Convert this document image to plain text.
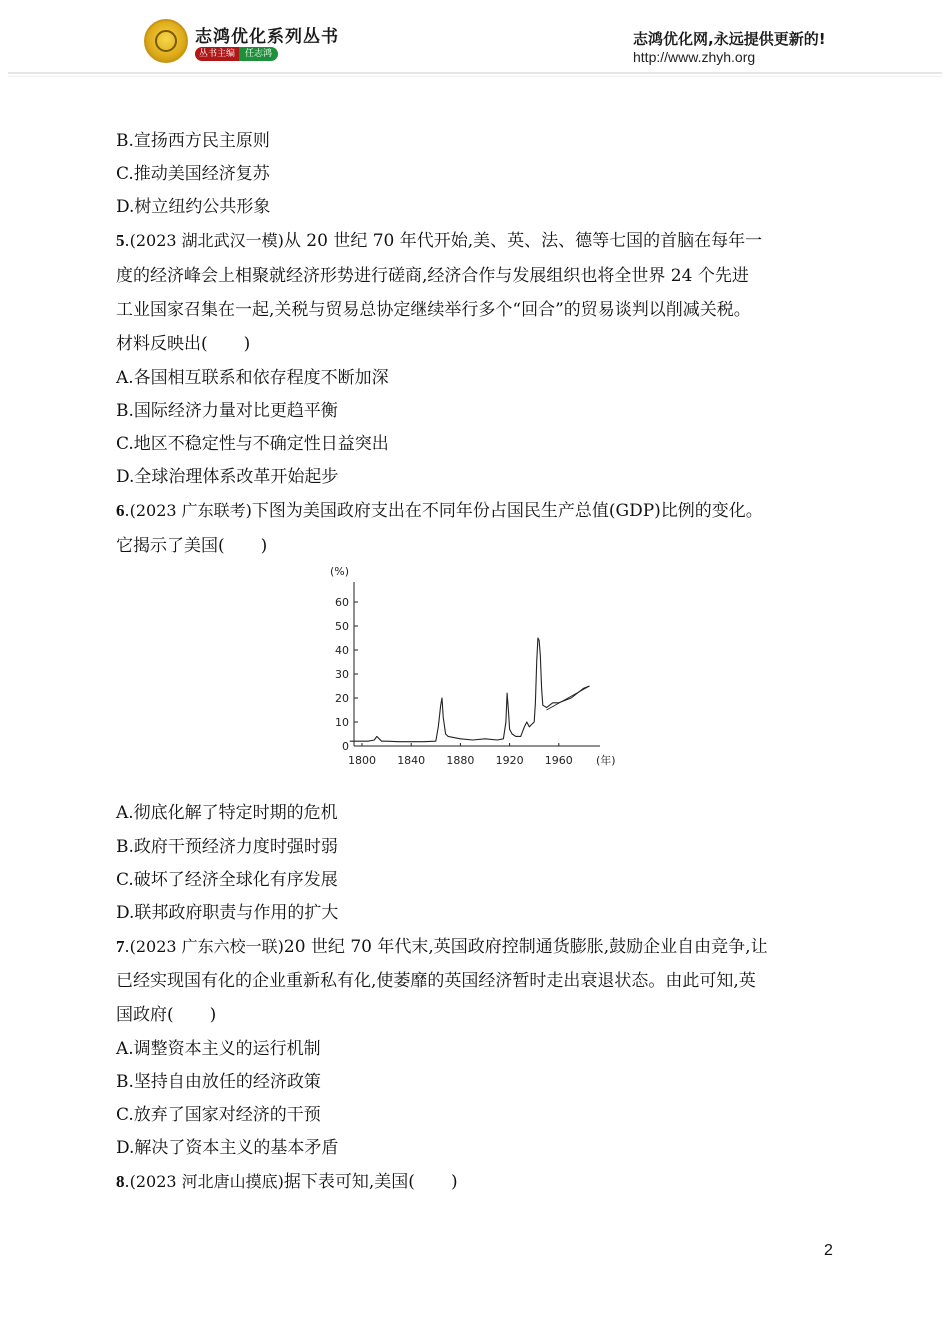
志鸿优化系列丛书
丛书主编	任志鸿
志鸿优化网,永远提供更新的!
http://www.zhyh.org
B.宣扬西方民主原则
C.推动美国经济复苏
D.树立纽约公共形象
5.(2023 湖北武汉一模)从 20 世纪 70 年代开始,美、英、法、德等七国的首脑在每年一
度的经济峰会上相聚就经济形势进行磋商,经济合作与发展组织也将全世界 24 个先进
工业国家召集在一起,关税与贸易总协定继续举行多个“回合”的贸易谈判以削减关税。
材料反映出( )
A.各国相互联系和依存程度不断加深
B.国际经济力量对比更趋平衡
C.地区不稳定性与不确定性日益突出
D.全球治理体系改革开始起步
6.(2023 广东联考)下图为美国政府支出在不同年份占国民生产总值(GDP)比例的变化。
它揭示了美国( )
0
10
20
30
40
50
60
1800 1840 1880 1920 1960
(%)
(年)
A.彻底化解了特定时期的危机
B.政府干预经济力度时强时弱
C.破坏了经济全球化有序发展
D.联邦政府职责与作用的扩大
7.(2023 广东六校一联)20 世纪 70 年代末,英国政府控制通货膨胀,鼓励企业自由竞争,让
已经实现国有化的企业重新私有化,使萎靡的英国经济暂时走出衰退状态。由此可知,英
国政府( )
A.调整资本主义的运行机制
B.坚持自由放任的经济政策
C.放弃了国家对经济的干预
D.解决了资本主义的基本矛盾
8.(2023 河北唐山摸底)据下表可知,美国( )
2
